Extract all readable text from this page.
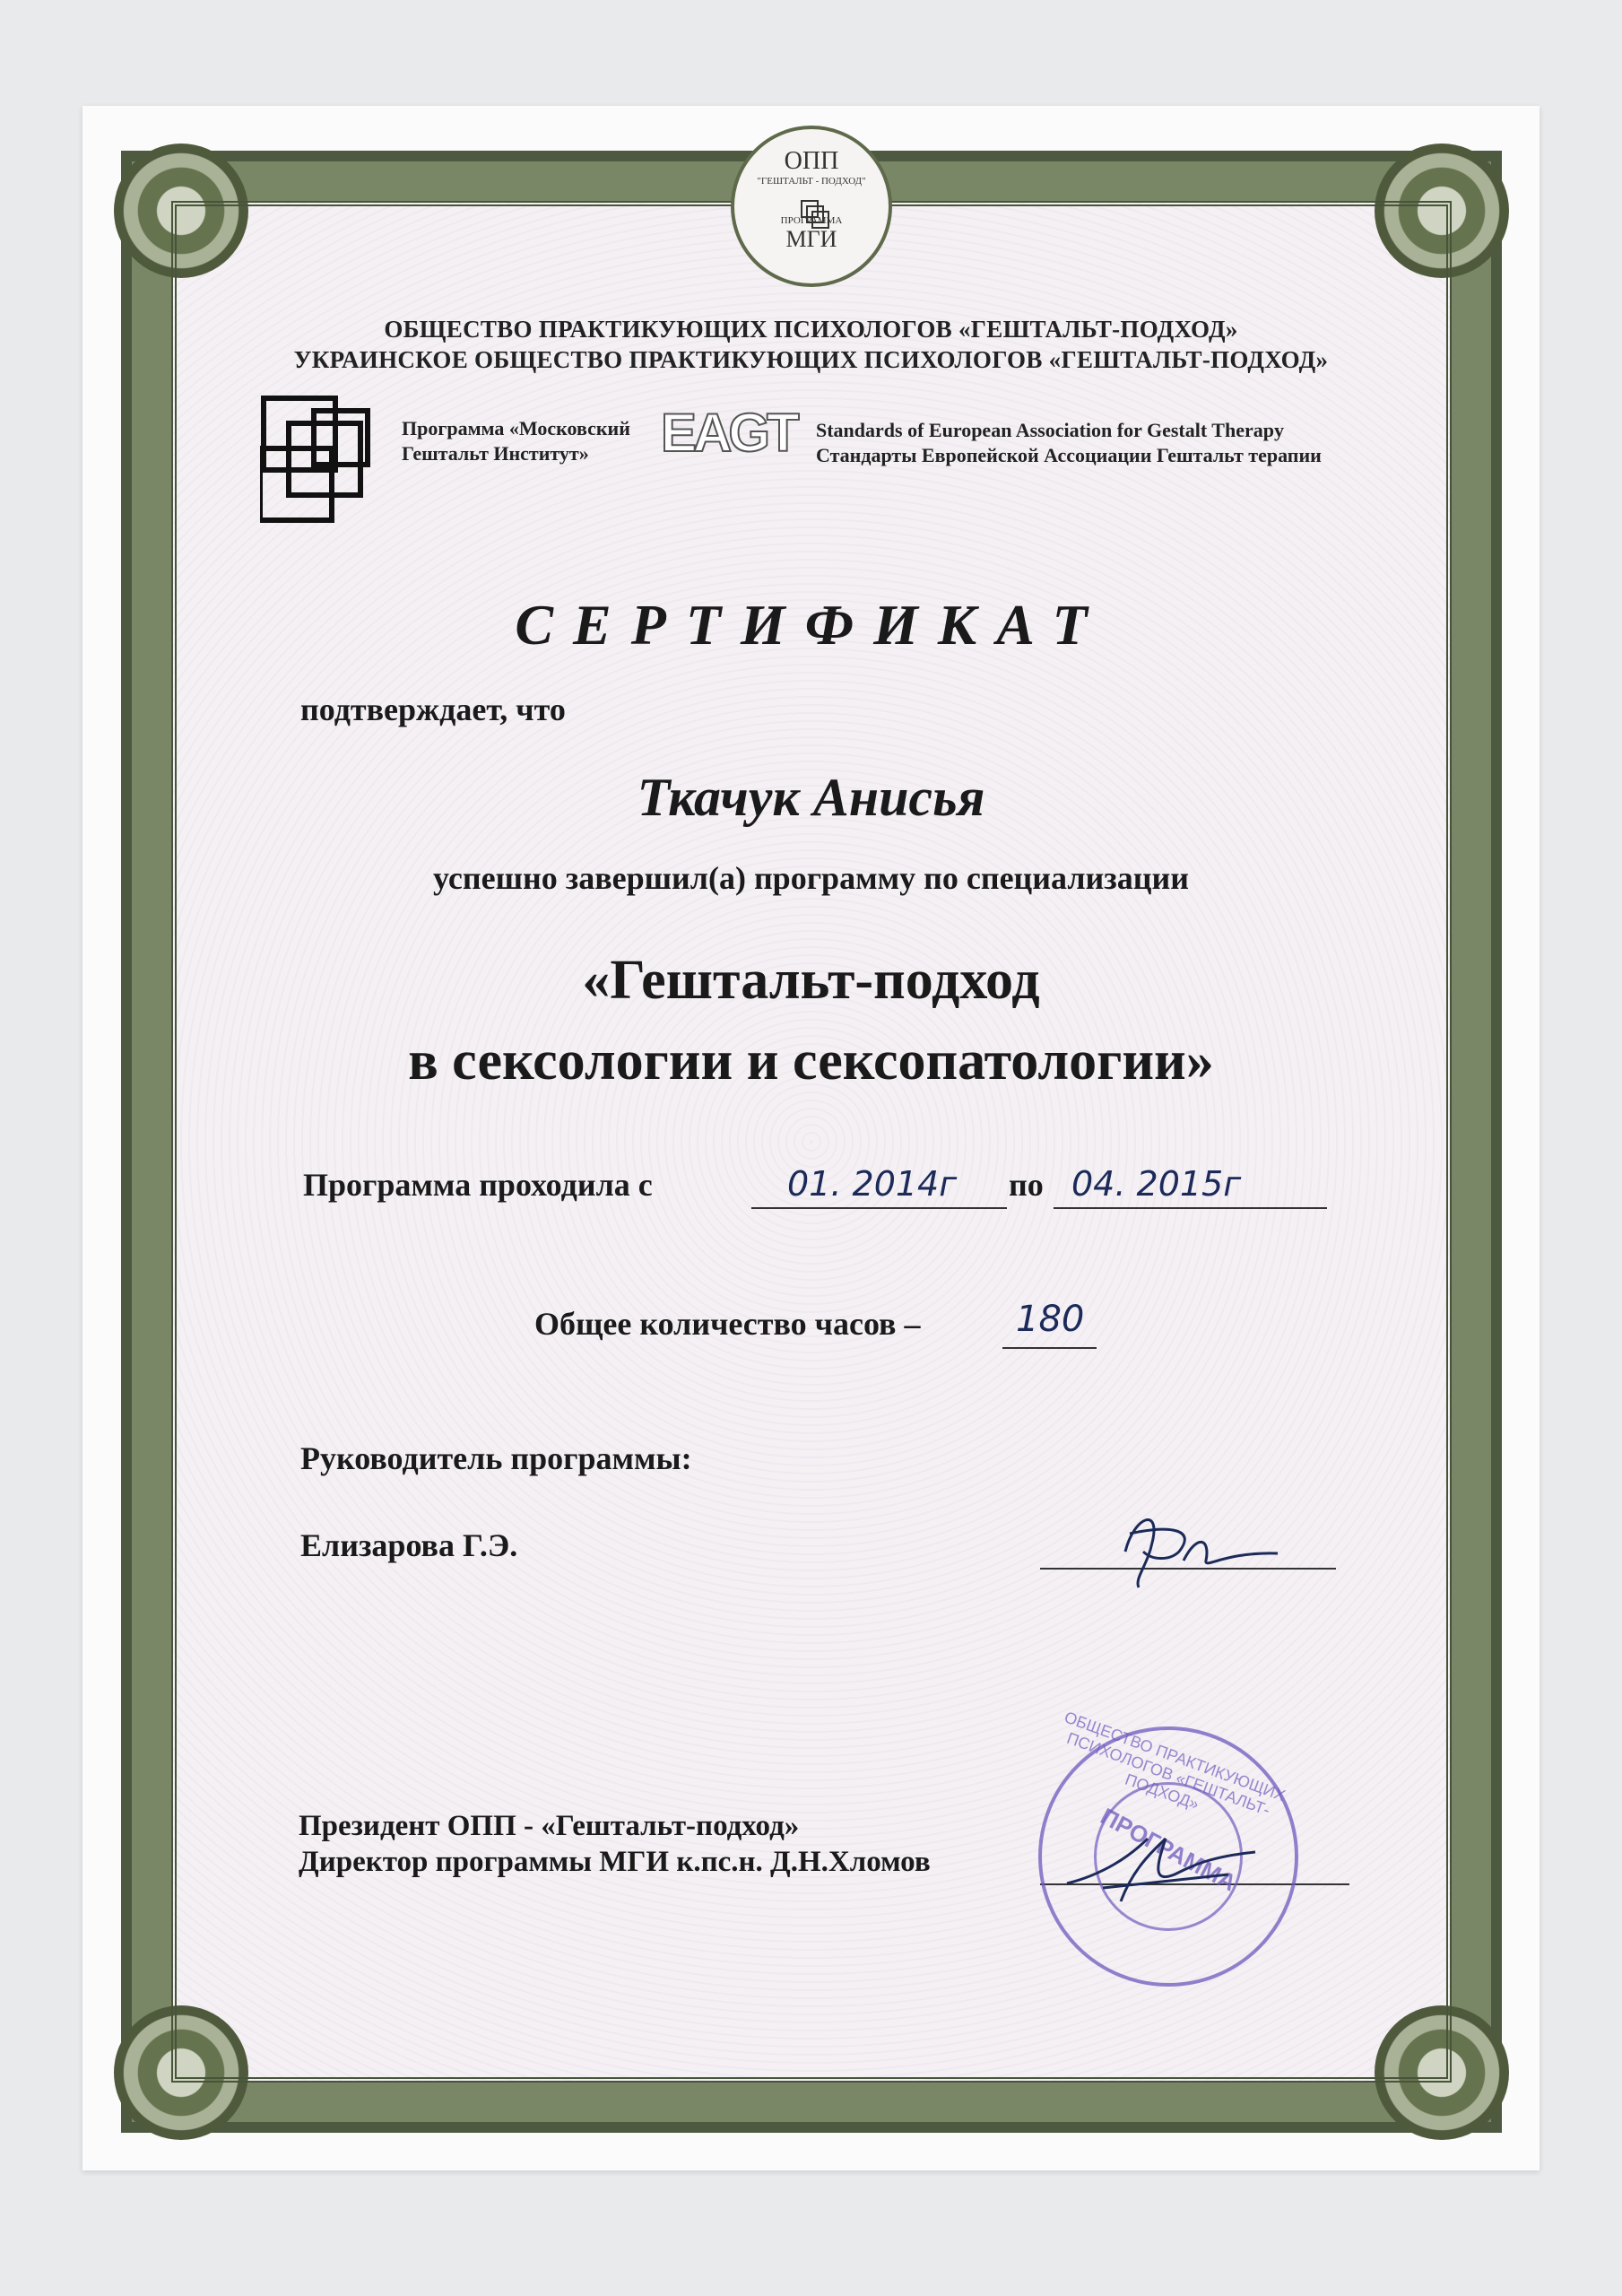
ОПП
"ГЕШТАЛЬТ - ПОДХОД"
ПРОГРАММА
МГИ
ОБЩЕСТВО ПРАКТИКУЮЩИХ ПСИХОЛОГОВ «ГЕШТАЛЬТ-ПОДХОД»
УКРАИНСКОЕ ОБЩЕСТВО ПРАКТИКУЮЩИХ ПСИХОЛОГОВ «ГЕШТАЛЬТ-ПОДХОД»
Программа «Московский
Гештальт Институт» EAGT	Standards of European Association for Gestalt Therapy
Стандарты Европейской Ассоциации Гештальт терапии
СЕРТИФИКАТ
подтверждает, что
Ткачук Анисья
успешно завершил(а) программу по специализации
«Гештальт-подход
в сексологии и сексопатологии»
Программа проходила с	01. 2014г по 04. 2015г
Общее количество часов –	180
Руководитель программы:
Елизарова Г.Э.
Президент ОПП - «Гештальт-подход»
Директор программы МГИ к.пс.н. Д.Н.Хломов
ОБЩЕСТВО ПРАКТИКУЮЩИХ ПСИХОЛОГОВ «ГЕШТАЛЬТ-ПОДХОД»
ПРОГРАММА
